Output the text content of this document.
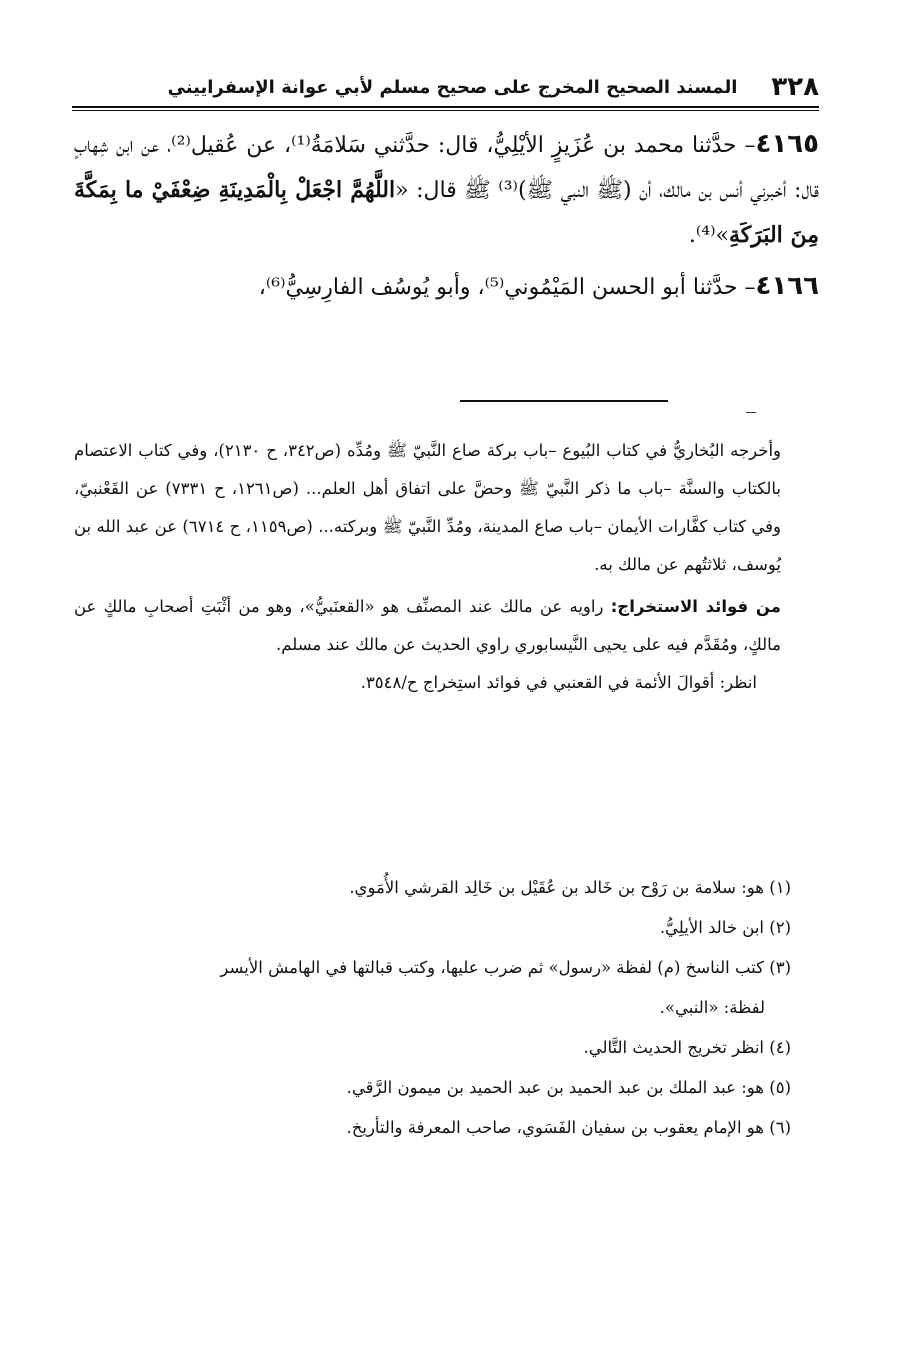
٣٢٨
المسند الصحيح المخرج على صحيح مسلم لأبي عوانة الإسفراييني

٤١٦٥– حدَّثنا محمد بن عُزَيزٍ الأيْلِيُّ، قال: حدَّثني سَلامَةُ⁽¹⁾، عن عُقيل⁽²⁾، عن ابن شِهابٍ قال: أخبرني أنس بن مالك، أن (ﷺ النبي ﷺ)⁽³⁾ ﷺ قال: «اللَّهُمَّ اجْعَلْ بِالْمَدِينَةِ ضِعْفَيْ ما بِمَكَّةَ مِنَ البَرَكَةِ»⁽⁴⁾.

٤١٦٦– حدَّثنا أبو الحسن المَيْمُوني⁽⁵⁾، وأبو يُوسُف الفارِسِيُّ⁽⁶⁾،

وأخرجه البُخاريُّ في كتاب البُيوع –باب بركة صاع النَّبيّ ﷺ ومُدِّه (ص٣٤٢، ح ٢١٣٠)، وفي كتاب الاعتصام بالكتاب والسنَّة –باب ما ذكر النَّبيّ ﷺ وحضَّ على اتفاق أهل العلم... (ص١٢٦١، ح ٧٣٣١) عن القَعْنبيّ، وفي كتاب كفَّارات الأيمان –باب صاع المدينة، ومُدِّ النَّبيّ ﷺ وبركته... (ص١١٥٩، ح ٦٧١٤) عن عبد الله بن يُوسف، ثلاثتُهم عن مالك به.

من فوائد الاستخراج: راويه عن مالك عند المصنِّف هو «القعنَبيُّ»، وهو من أثْبَتِ أصحابِ مالكٍ عن مالكٍ، ومُقَدَّم فيه على يحيى النَّيسابوري راوي الحديث عن مالك عند مسلم.

انظر: أقوالَ الأئمة في القعنبي في فوائد استِخراج ح/٣٥٤٨.

(١) هو: سلامة بن رَوْح بن خَالد بن عُقَيْل بن خَالِد القرشي الأُمَوي.

(٢) ابن خالد الأيلِيُّ.

(٣) كتب الناسخ (م) لفظة «رسول» ثم ضرب عليها، وكتب قبالتها في الهامش الأيسر

لفظة: «النبي».

(٤) انظر تخريج الحديث التَّالي.

(٥) هو: عبد الملك بن عبد الحميد بن عبد الحميد بن ميمون الرَّقي.

(٦) هو الإمام يعقوب بن سفيان الفَسَوي، صاحب المعرفة والتأريخ.
